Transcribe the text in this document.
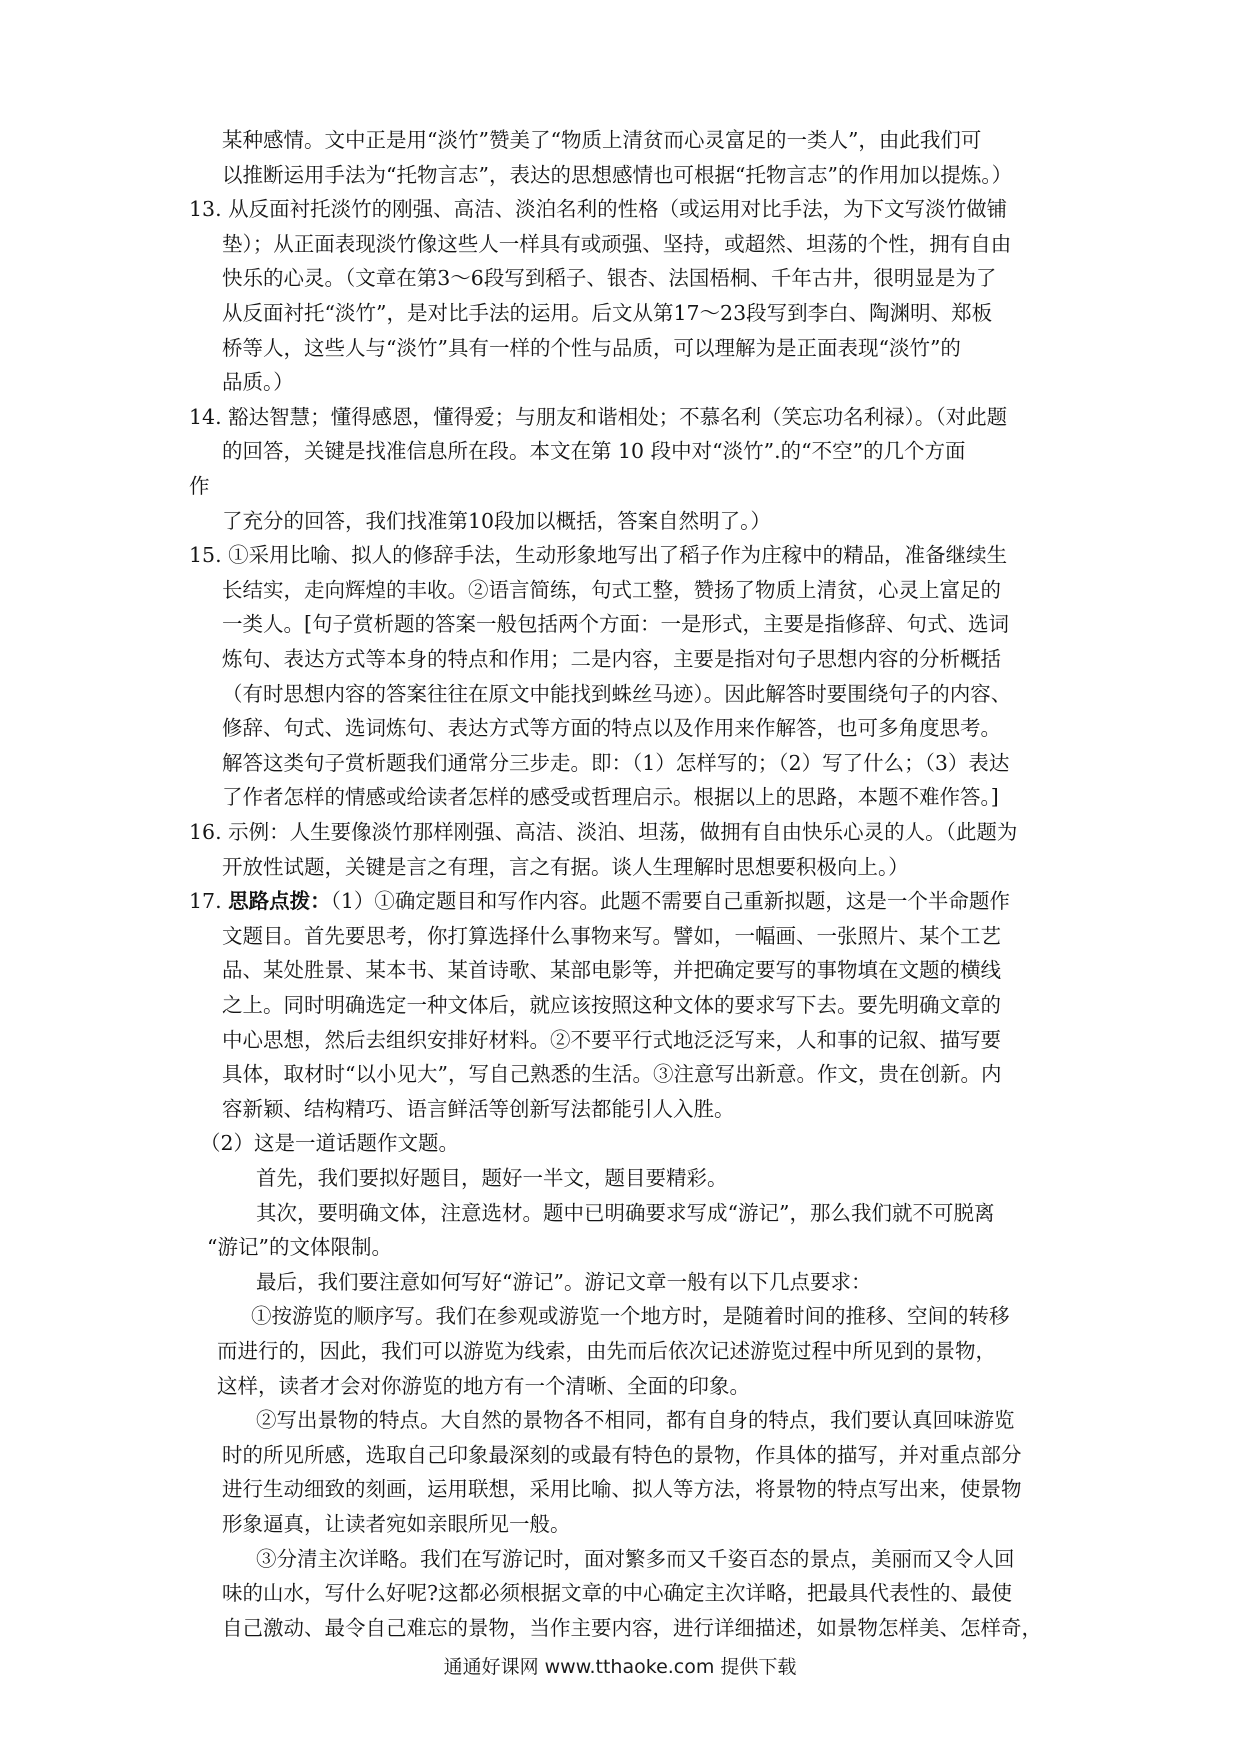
某种感情。文中正是用“淡竹”赞美了“物质上清贫而心灵富足的一类人”，由此我们可
以推断运用手法为“托物言志”，表达的思想感情也可根据“托物言志”的作用加以提炼。）
13. 从反面衬托淡竹的刚强、高洁、淡泊名利的性格（或运用对比手法，为下文写淡竹做铺
垫）；从正面表现淡竹像这些人一样具有或顽强、坚持，或超然、坦荡的个性，拥有自由
快乐的心灵。（文章在第3～6段写到稻子、银杏、法国梧桐、千年古井，很明显是为了
从反面衬托“淡竹”，是对比手法的运用。后文从第17～23段写到李白、陶渊明、郑板
桥等人，这些人与“淡竹”具有一样的个性与品质，可以理解为是正面表现“淡竹”的
品质。）
14. 豁达智慧；懂得感恩，懂得爱；与朋友和谐相处；不慕名利（笑忘功名利禄）。（对此题
的回答，关键是找准信息所在段。本文在第 10 段中对“淡竹”.的“不空”的几个方面
作
了充分的回答，我们找准第10段加以概括，答案自然明了。）
15. ①采用比喻、拟人的修辞手法，生动形象地写出了稻子作为庄稼中的精品，准备继续生
长结实，走向辉煌的丰收。②语言简练，句式工整，赞扬了物质上清贫，心灵上富足的
一类人。[句子赏析题的答案一般包括两个方面：一是形式，主要是指修辞、句式、选词
炼句、表达方式等本身的特点和作用；二是内容，主要是指对句子思想内容的分析概括
（有时思想内容的答案往往在原文中能找到蛛丝马迹）。因此解答时要围绕句子的内容、
修辞、句式、选词炼句、表达方式等方面的特点以及作用来作解答，也可多角度思考。
解答这类句子赏析题我们通常分三步走。即：（1）怎样写的；（2）写了什么；（3）表达
了作者怎样的情感或给读者怎样的感受或哲理启示。根据以上的思路，本题不难作答。]
16. 示例：人生要像淡竹那样刚强、高洁、淡泊、坦荡，做拥有自由快乐心灵的人。（此题为
开放性试题，关键是言之有理，言之有据。谈人生理解时思想要积极向上。）
17. 思路点拨：（1）①确定题目和写作内容。此题不需要自己重新拟题，这是一个半命题作
文题目。首先要思考，你打算选择什么事物来写。譬如，一幅画、一张照片、某个工艺
品、某处胜景、某本书、某首诗歌、某部电影等，并把确定要写的事物填在文题的横线
之上。同时明确选定一种文体后，就应该按照这种文体的要求写下去。要先明确文章的
中心思想，然后去组织安排好材料。②不要平行式地泛泛写来，人和事的记叙、描写要
具体，取材时“以小见大”，写自己熟悉的生活。③注意写出新意。作文，贵在创新。内
容新颖、结构精巧、语言鲜活等创新写法都能引人入胜。
（2）这是一道话题作文题。
首先，我们要拟好题目，题好一半文，题目要精彩。
其次，要明确文体，注意选材。题中已明确要求写成“游记”，那么我们就不可脱离
“游记”的文体限制。
最后，我们要注意如何写好“游记”。游记文章一般有以下几点要求：
①按游览的顺序写。我们在参观或游览一个地方时，是随着时间的推移、空间的转移
而进行的，因此，我们可以游览为线索，由先而后依次记述游览过程中所见到的景物，
这样，读者才会对你游览的地方有一个清晰、全面的印象。
②写出景物的特点。大自然的景物各不相同，都有自身的特点，我们要认真回味游览
时的所见所感，选取自己印象最深刻的或最有特色的景物，作具体的描写，并对重点部分
进行生动细致的刻画，运用联想，采用比喻、拟人等方法，将景物的特点写出来，使景物
形象逼真，让读者宛如亲眼所见一般。
③分清主次详略。我们在写游记时，面对繁多而又千姿百态的景点，美丽而又令人回
味的山水，写什么好呢?这都必须根据文章的中心确定主次详略，把最具代表性的、最使
自己激动、最令自己难忘的景物，当作主要内容，进行详细描述，如景物怎样美、怎样奇，
通通好课网 www.tthaoke.com 提供下载
